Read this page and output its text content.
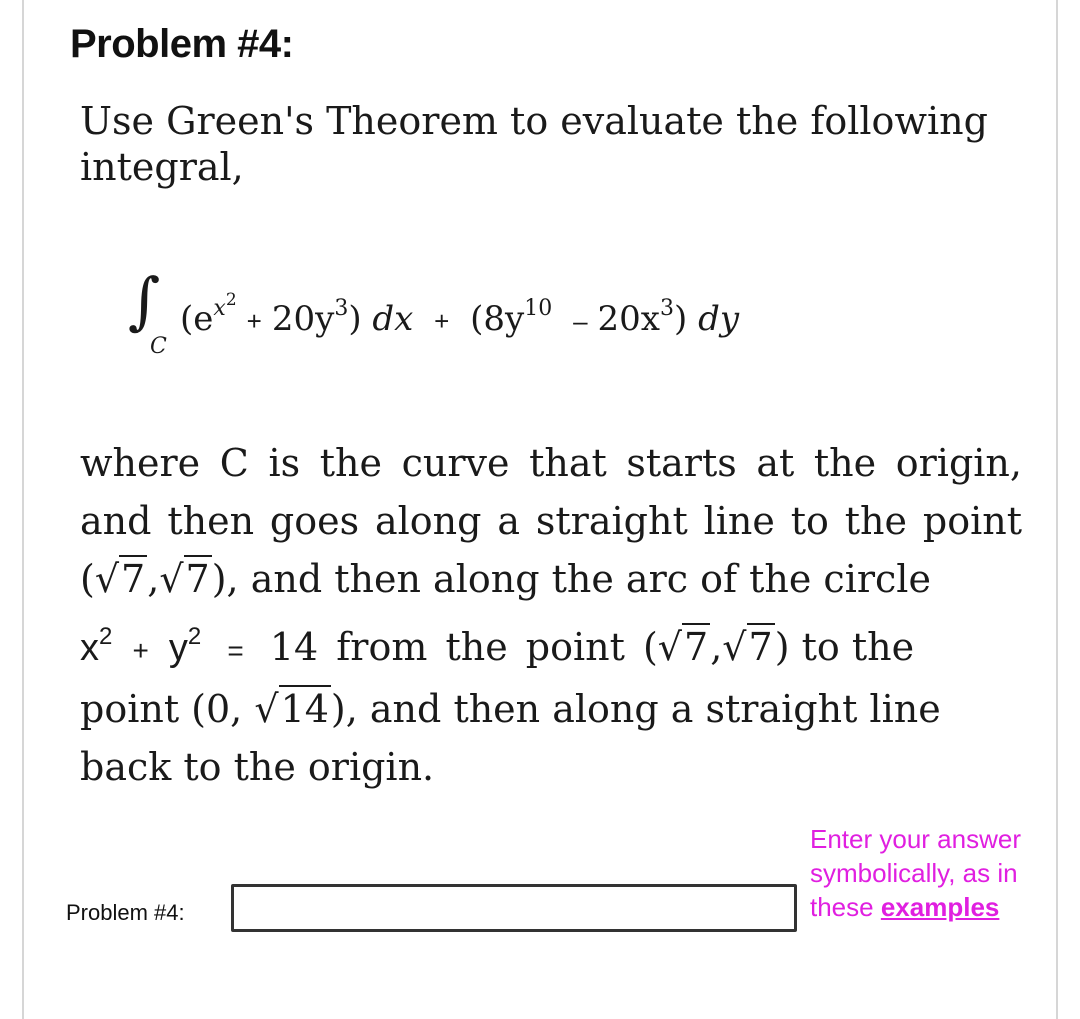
Problem #4:
Use Green's Theorem to evaluate the following integral,
∫
C
$(e^{x^2}+ 20y^3)$ dx + $(8y^{10} - 20x^3)$ dy
where C is the curve that starts at the origin,
and then goes along a straight line to the point
(√7,√7), and then along the arc of the circle
$x^2 + y^2 = 14$ from the point (√7,√7) to the
point (0, √14), and then along a straight line
back to the origin.
Problem #4:
Enter your answer symbolically, as in these examples
